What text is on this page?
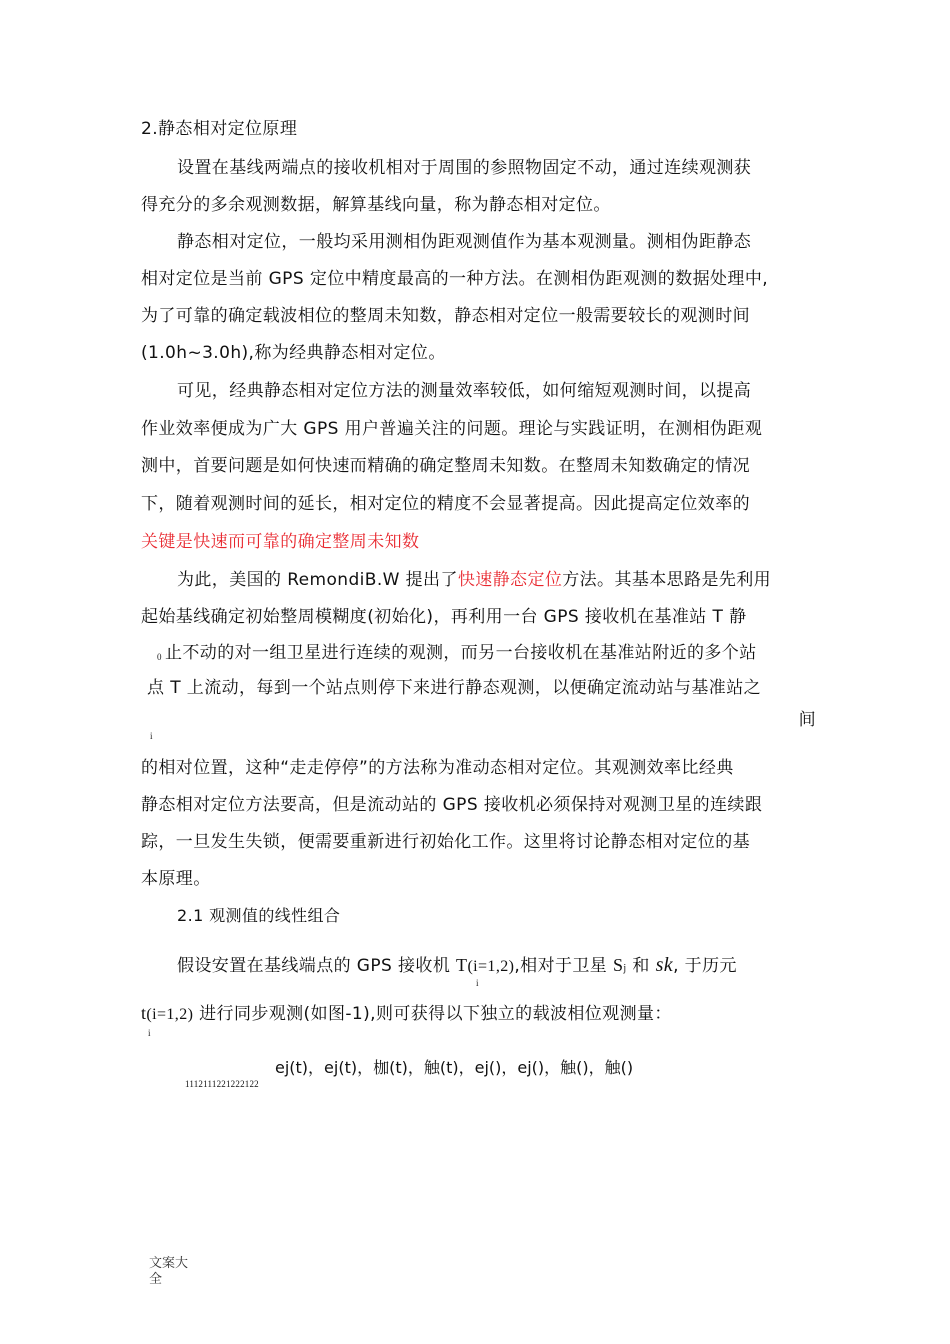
2.静态相对定位原理
设置在基线两端点的接收机相对于周围的参照物固定不动，通过连续观测获
得充分的多余观测数据，解算基线向量，称为静态相对定位。
静态相对定位，一般均采用测相伪距观测值作为基本观测量。测相伪距静态
相对定位是当前 GPS 定位中精度最高的一种方法。在测相伪距观测的数据处理中,
为了可靠的确定载波相位的整周未知数，静态相对定位一般需要较长的观测时间
(1.0h~3.0h),称为经典静态相对定位。
可见，经典静态相对定位方法的测量效率较低，如何缩短观测时间，以提高
作业效率便成为广大 GPS 用户普遍关注的问题。理论与实践证明，在测相伪距观
测中，首要问题是如何快速而精确的确定整周未知数。在整周未知数确定的情况
下，随着观测时间的延长，相对定位的精度不会显著提高。因此提高定位效率的
关键是快速而可靠的确定整周未知数
为此，美国的 RemondiB.W 提出了快速静态定位方法。其基本思路是先利用
起始基线确定初始整周模糊度(初始化)，再利用一台 GPS 接收机在基准站 T 静
0 止不动的对一组卫星进行连续的观测，而另一台接收机在基准站附近的多个站
点 T 上流动，每到一个站点则停下来进行静态观测，以便确定流动站与基准站之
间
i
的相对位置，这种“走走停停”的方法称为准动态相对定位。其观测效率比经典
静态相对定位方法要高，但是流动站的 GPS 接收机必须保持对观测卫星的连续跟
踪，一旦发生失锁，便需要重新进行初始化工作。这里将讨论静态相对定位的基
本原理。
2.1 观测值的线性组合
假设安置在基线端点的 GPS 接收机 T(i=1,2),相对于卫星 Sj 和 sk, 于历元
i
t(i=1,2) 进行同步观测(如图-1),则可获得以下独立的载波相位观测量：
i
ej(t)，ej(t)，枷(t)，触(t)，ej()，ej()，触()，触()
1112111221222122
文案大全
